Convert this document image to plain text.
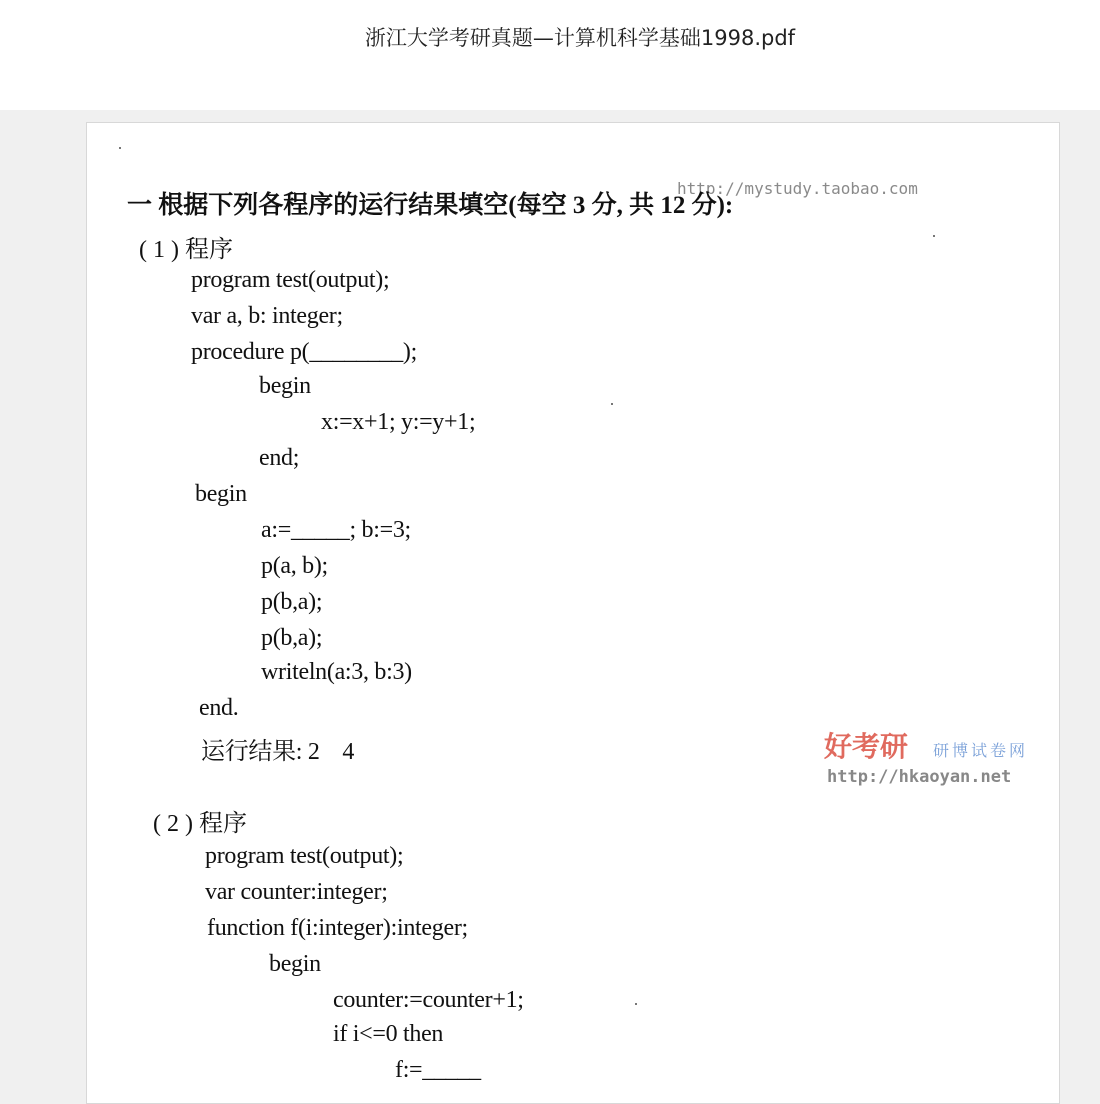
浙江大学考研真题—计算机科学基础1998.pdf
http://mystudy.taobao.com
一 根据下列各程序的运行结果填空(每空 3 分, 共 12 分):
( 1 ) 程序
program test(output);
var a, b: integer;
procedure p(________);
begin
x:=x+1; y:=y+1;
end;
begin
a:=_____; b:=3;
p(a, b);
p(b,a);
p(b,a);
writeln(a:3, b:3)
end.
运行结果: 2    4	好考研 研博试卷网
http://hkaoyan.net
( 2 ) 程序
program test(output);
var counter:integer;
function f(i:integer):integer;
begin
counter:=counter+1;
if i<=0 then
f:=_____
